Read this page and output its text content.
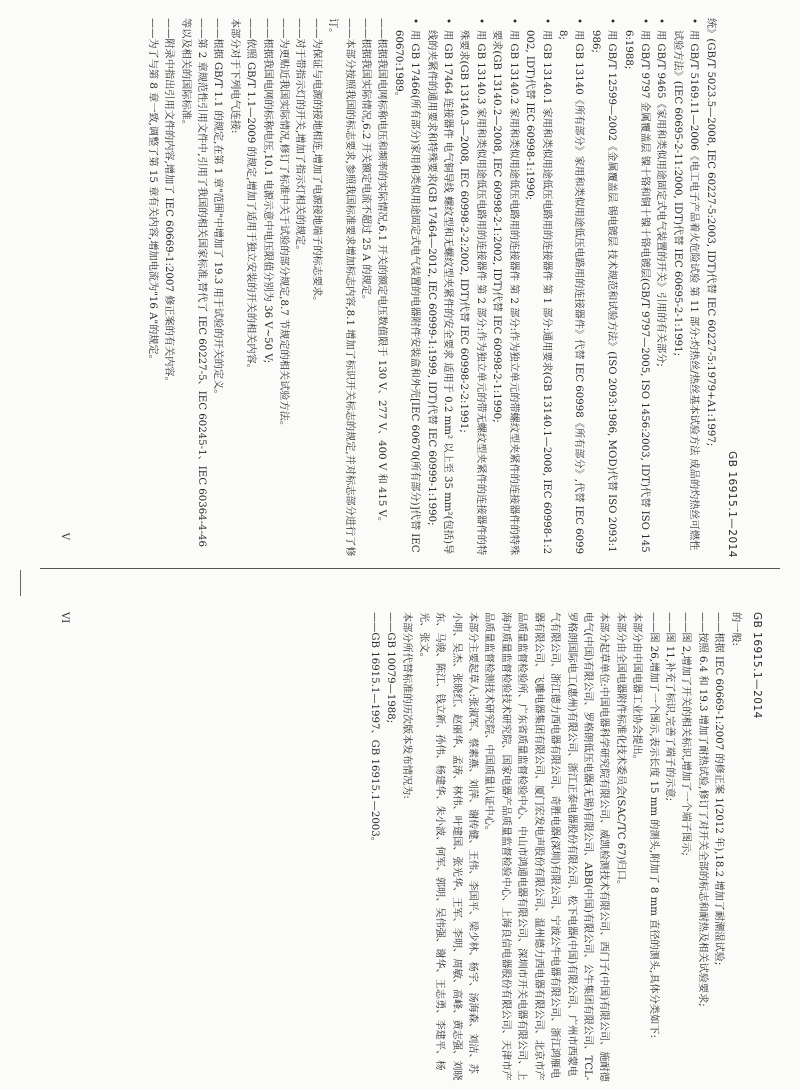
GB 16915.1—2014

统》(GB/T 5023.5—2008, IEC 60227-5:2003, IDT)代替 IEC 60227-5:1979+A1:1997;

• 用 GB/T 5169.11—2006《电工电子产品着火危险试验 第 11 部分:灼热丝/热丝基本试验方法 成品的灼热丝可燃性试验方法》(IEC 60695-2-11:2000, IDT)代替 IEC 60695-2-1:1991;

• 用 GB/T 9465《家用和类似用途固定式电气装置的开关》引用的有关部分;

• 用 GB/T 9797 金属覆盖层 镍十铬和铜十镍十铬电镀层(GB/T 9797—2005, ISO 1456:2003, IDT)代替 ISO 1456:1988;

• 用 GB/T 12599—2002《金属覆盖层 锡电镀层 技术规范和试验方法》(ISO 2093:1986, MOD)代替 ISO 2093:1986;

• 用 GB 13140《所有部分》家用和类似用途低压电路用的连接器件》代替 IEC 60998《所有部分》,代替 IEC 60998;

• 用 GB 13140.1 家用和类似用途低压电路用的连接器件 第 1 部分:通用要求(GB 13140.1—2008, IEC 60998-1:2002, IDT)代替 IEC 60998-1:1990;

• 用 GB 13140.2 家用和类似用途低压电路用的连接器件 第 2 部分:作为独立单元的带螺纹型夹紧件的连接器件的特殊要求(GB 13140.2—2008, IEC 60998-2-1:2002, IDT)代替 IEC 60998-2-1:1990;

• 用 GB 13140.3 家用和类似用途低压电路用的连接器件 第 2 部分:作为独立单元的带无螺纹型夹紧件的连接器件的特殊要求(GB 13140.3—2008, IEC 60998-2-2:2002, IDT)代替 IEC 60998-2-2:1991;

• 用 GB 17464 连接器件 电气铜导线 螺纹型和无螺纹型夹紧件的安全要求 适用于 0.2 mm² 以上至 35 mm²(包括)导线的夹紧件的通用要求和特殊要求(GB 17464—2012, IEC 60999-1:1999, IDT)代替 IEC 60999-1:1990;

• 用 GB 17466(所有部分)家用和类似用途固定式电气装置的电器附件安装盒和外壳[IEC 60670(所有部分)]代替 IEC 60670:1989。

——根据我国电网标称电压和频率的实际情况,6.1 开关的额定电压数值限于 130 V、277 V、400 V 和 415 V。

——根据我国实际情况,6.2 开关额定电流不超过 25 A 的规定。

——本部分按照我国的标志要求,参照我国标准要求增加标志内容,8.1 增加了标识开关标志的规定,并对标志部分进行了修订。

——为保证与电源的接地相连,增加了电源接地端子的标志要求。

——对于带指示灯的开关,增加了指示灯相关的规定。

——为更贴近我国实际情况,修订了标准中关于试验的部分规定,8.7 节规定的相关试验方法。

——根据我国电网的标称电压,10.1 电源示意中电压限值分别为 36 V~50 V;

——依照 GB/T 1.1—2009 的规定,增加了适用于独立安装的开关的相关内容。

本部分对于下列电气连接:

——根据 GB/T 1.1 的规定,在第 1 章"范围"中增加了 19.3 用于试验的开关的定义。

——第 2 章规范性引用文件中,引用了我国的相关国家标准,替代了 IEC 60227-5、IEC 60245-1、IEC 60364-4-46 等以及相关的国际标准。

——附录中指出引用文件的内容,增加了 IEC 60669-1:2007 修正案的有关内容。

——为了与第 8 章一致,调整了第 15 章有关内容,增加电流为"16 A"的规定。

V
GB 16915.1—2014

的一般:

——根据 IEC 60669-1:2007 的修正案 1(2012 年),18.2 增加了耐潮湿试验;

——按照 6.4 和 19.3 增加了耐热试验,修订了对开关全部的标志和耐热及相关试验要求;

——图 2,增加了开关的相关标识,增加了一个端子图示;

——图 11,补充了标识,完善了端子的示意;

——图 26,增加了一个图示,表示长度 15 mm 的测头,附加了 8 mm 直径的测头,具体分类如下:

本部分由中国电器工业协会提出。

本部分由全国电器附件标准化技术委员会(SAC/TC 67)归口。

本部分起草单位:中国电器科学研究院有限公司、威凯检测技术有限公司、西门子(中国)有限公司、施耐德电气(中国)有限公司、罗格朗低压电器(无锡)有限公司、ABB(中国)有限公司、公牛集团有限公司、TCL-罗格朗国际电工(惠州)有限公司、浙江正泰电器股份有限公司、松下电器(中国)有限公司、广州市西蒙电气有限公司、浙江德力西电器有限公司、奇胜电器(深圳)有限公司、宁波公牛电器有限公司、浙江鸿雁电器有限公司、飞雕电器集团有限公司、厦门宏发电声股份有限公司、温州德力西电器有限公司、北京市产品质量监督检验所、广东省质量监督检验中心、中山市鸿通电器有限公司、深圳市开关电器有限公司、上海市质量监督检验技术研究院、国家电器产品质量监督检验中心、上海良信电器股份有限公司、天津市产品质量监督检测技术研究院、中国质量认证中心。

本部分主要起草人:张淑军、蔡素燕、刘萍、谢传健、王伟、李国平、梁少林、杨宇、汤海森、刘洁、苏小明、吴杰、张晓红、赵丽华、孟涛、林伟、叶建国、张光华、王军、李明、周敏、高峰、黄志强、刘晓东、马骏、陈江、钱立新、孙伟、杨建华、朱小波、何军、郭明、吴伟强、谢华、王志勇、李建平、杨光、张文。

本部分所代替标准的历次版本发布情况为:

——GB 10079—1988;

——GB 16915.1—1997、GB 16915.1—2003。

VI
